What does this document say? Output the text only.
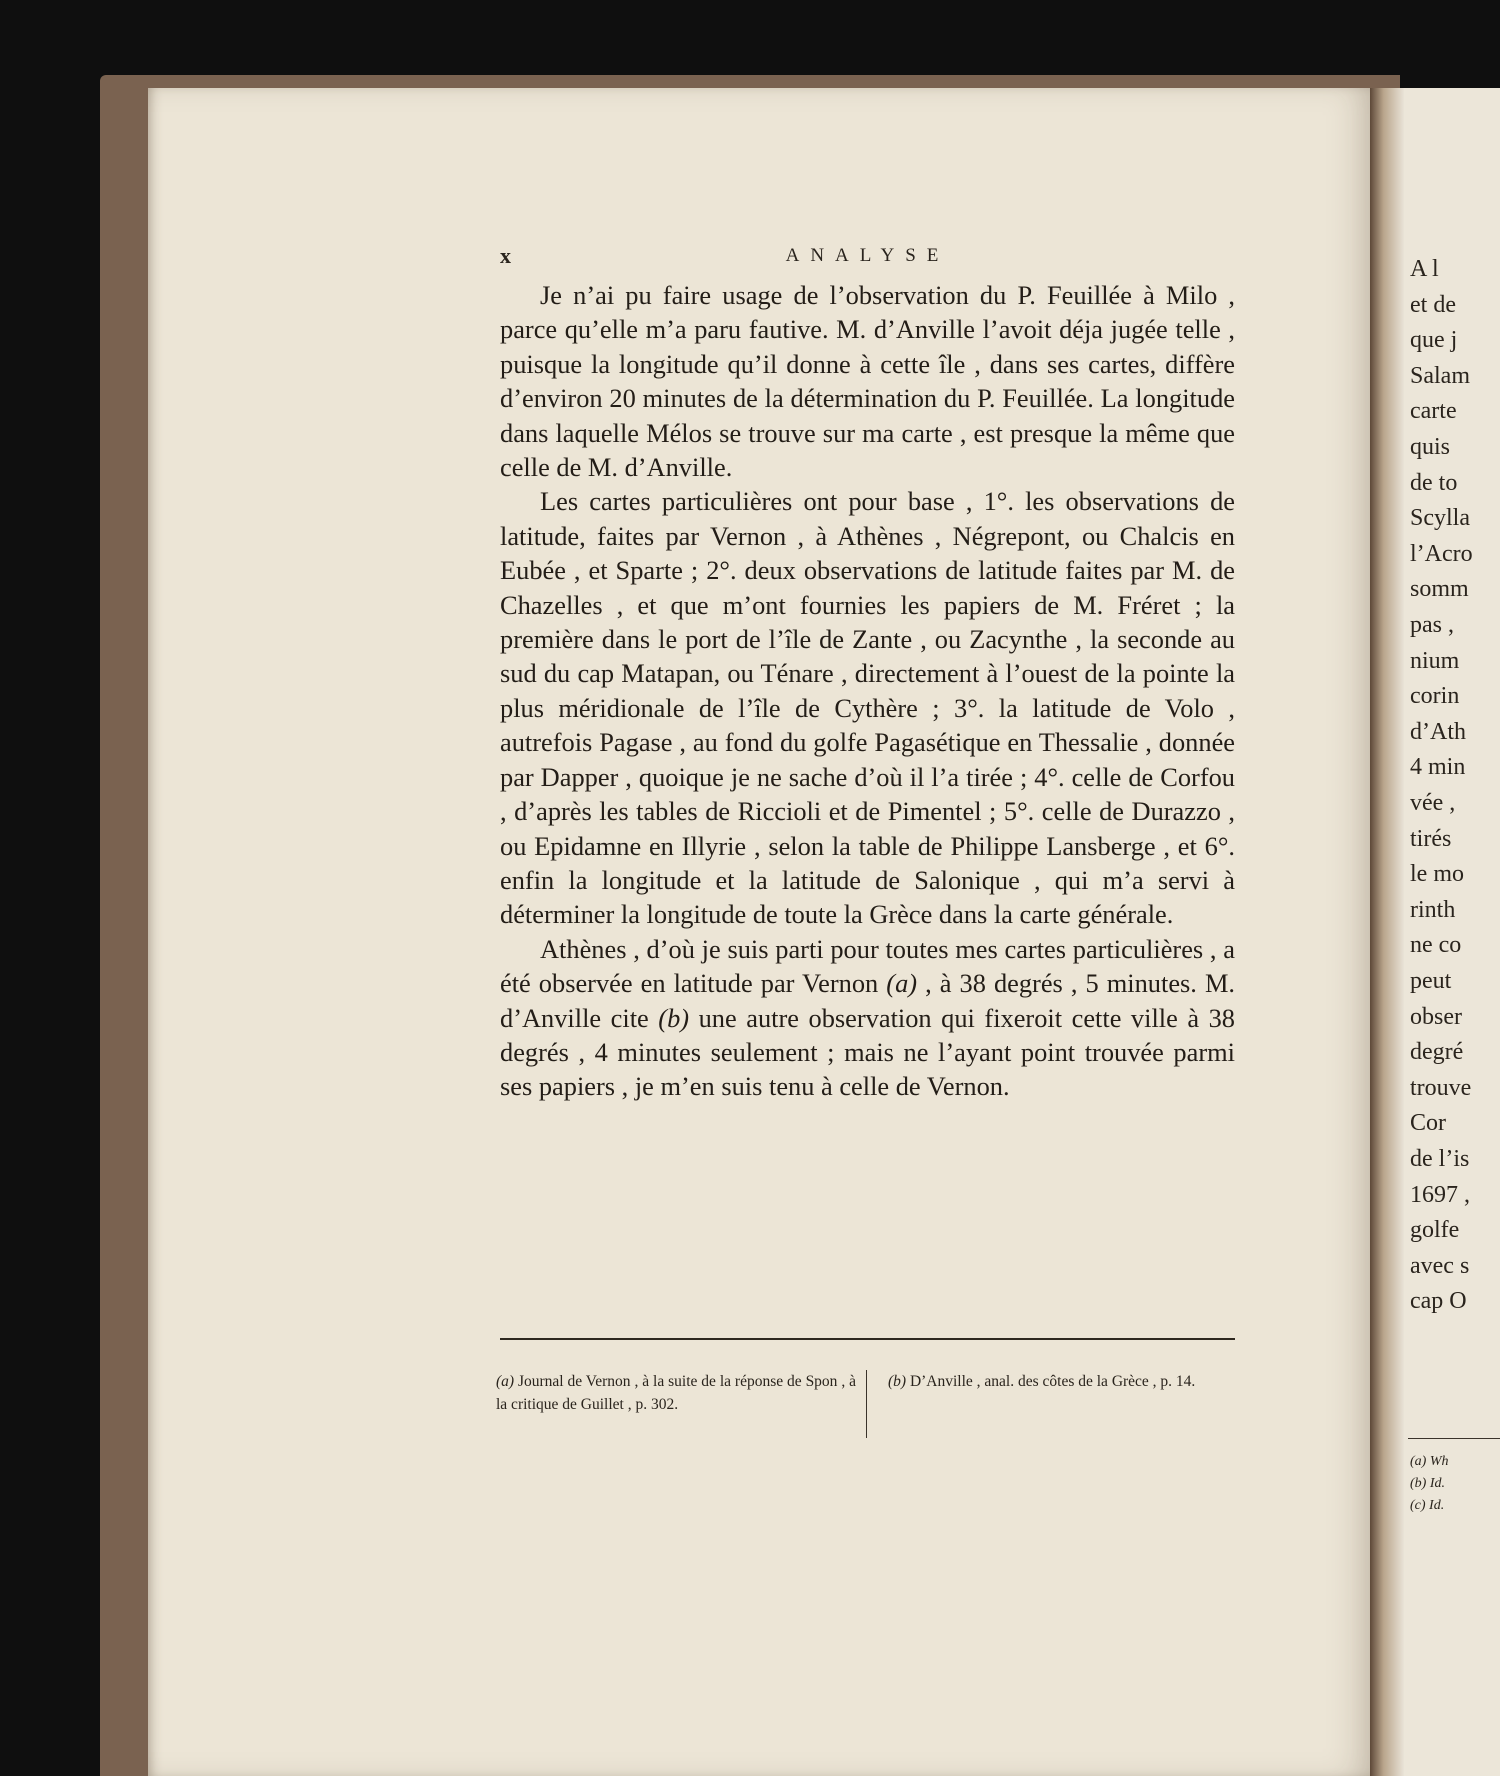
A l
et de
que j
Salam
carte
quis
de to
Scylla
l’Acro
somm
pas ,
nium
corin
d’Ath
4 min
vée ,
tirés
le mo
rinth
ne co
peut
obser
degré
trouve
Cor
de l’is
1697 ,
golfe
avec s
cap O
(a) Wh
(b) Id.
(c) Id.
x	ANALYSE

Je n’ai pu faire usage de l’observation du P. Feuillée à Milo , parce qu’elle m’a paru fautive. M. d’Anville l’avoit déja jugée telle , puisque la longitude qu’il donne à cette île , dans ses cartes, diffère d’environ 20 minutes de la détermination du P. Feuillée. La longitude dans laquelle Mélos se trouve sur ma carte , est presque la même que celle de M. d’Anville.

Les cartes particulières ont pour base , 1°. les observations de latitude, faites par Vernon , à Athènes , Négrepont, ou Chalcis en Eubée , et Sparte ; 2°. deux observations de latitude faites par M. de Chazelles , et que m’ont fournies les papiers de M. Fréret ; la première dans le port de l’île de Zante , ou Zacynthe , la seconde au sud du cap Matapan, ou Ténare , directement à l’ouest de la pointe la plus méridionale de l’île de Cythère ; 3°. la latitude de Volo , autrefois Pagase , au fond du golfe Pagasétique en Thessalie , donnée par Dapper , quoique je ne sache d’où il l’a tirée ; 4°. celle de Corfou , d’après les tables de Riccioli et de Pimentel ; 5°. celle de Durazzo , ou Epidamne en Illyrie , selon la table de Philippe Lansberge , et 6°. enfin la longitude et la latitude de Salonique , qui m’a servi à déterminer la longitude de toute la Grèce dans la carte générale.

Athènes , d’où je suis parti pour toutes mes cartes particulières , a été observée en latitude par Vernon (a) , à 38 degrés , 5 minutes. M. d’Anville cite (b) une autre observation qui fixeroit cette ville à 38 degrés , 4 minutes seulement ; mais ne l’ayant point trouvée parmi ses papiers , je m’en suis tenu à celle de Vernon.

(a) Journal de Vernon , à la suite de la réponse de Spon , à la critique de Guillet , p. 302.
(b) D’Anville , anal. des côtes de la Grèce , p. 14.
